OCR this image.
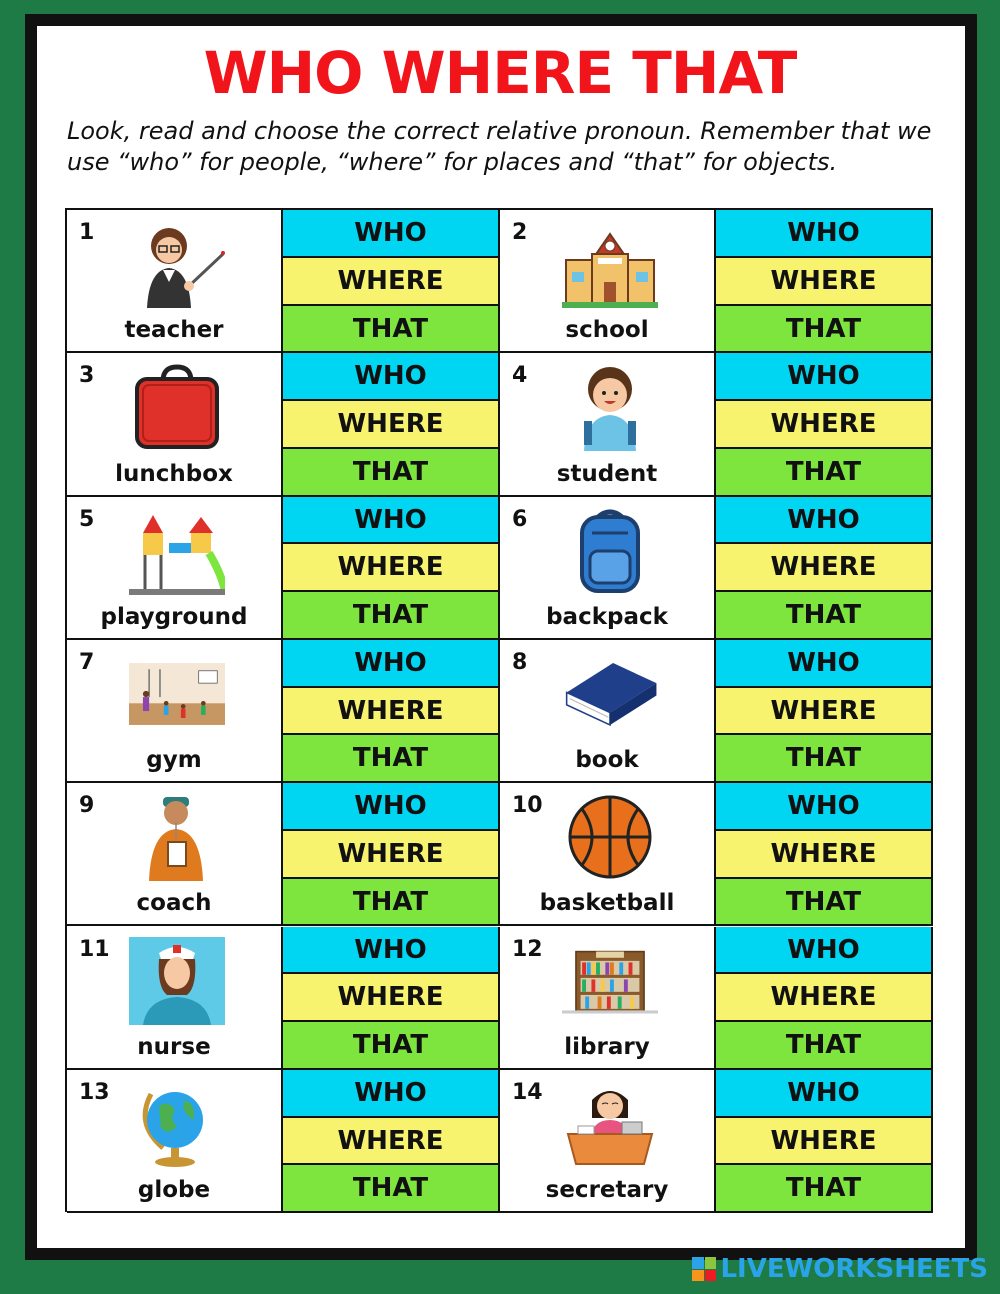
WHO WHERE THAT
Look, read and choose the correct relative pronoun. Remember that we
use “who” for people, “where” for places and “that” for objects.
1
teacher
WHO
WHERE
THAT
2
school
WHO
WHERE
THAT
3
lunchbox
WHO
WHERE
THAT
4
student
WHO
WHERE
THAT
5
playground
WHO
WHERE
THAT
6
backpack
WHO
WHERE
THAT
7
gym
WHO
WHERE
THAT
8
book
WHO
WHERE
THAT
9
coach
WHO
WHERE
THAT
10
basketball
WHO
WHERE
THAT
11
nurse
WHO
WHERE
THAT
12
library
WHO
WHERE
THAT
13
globe
WHO
WHERE
THAT
14
secretary
WHO
WHERE
THAT
LIVEWORKSHEETS
